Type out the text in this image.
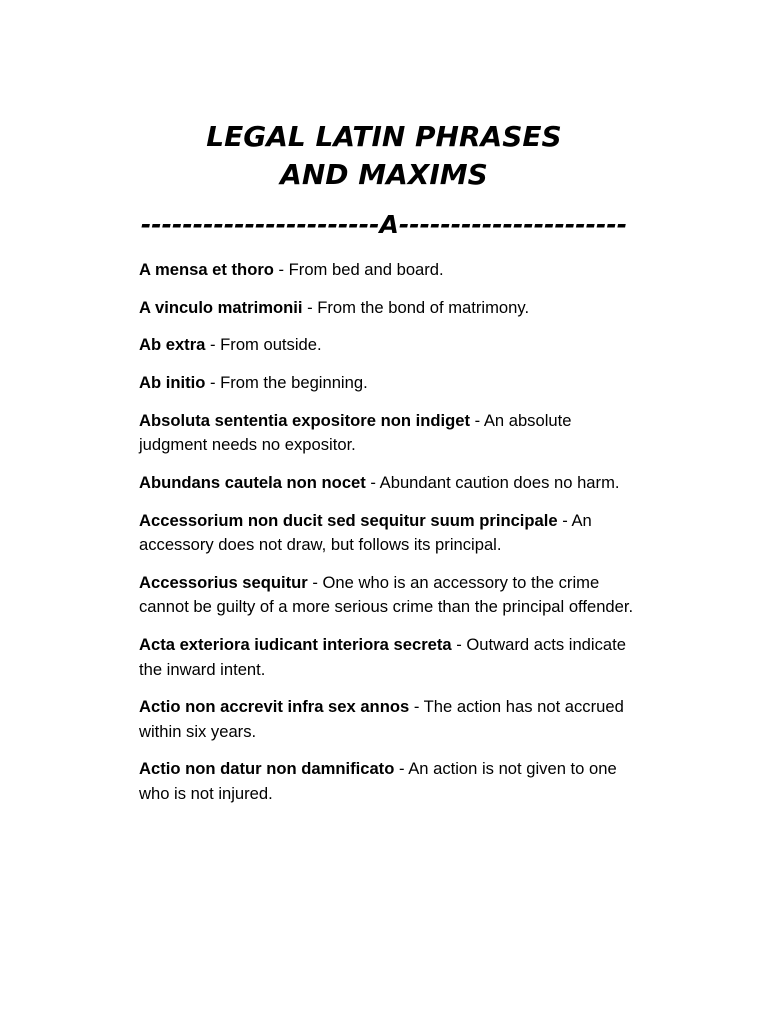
LEGAL LATIN PHRASES
AND MAXIMS
-----------------------A----------------------

A mensa et thoro - From bed and board.

A vinculo matrimonii - From the bond of matrimony.

Ab extra - From outside.

Ab initio - From the beginning.

Absoluta sententia expositore non indiget - An absolute judgment needs no expositor.

Abundans cautela non nocet - Abundant caution does no harm.

Accessorium non ducit sed sequitur suum principale - An accessory does not draw, but follows its principal.

Accessorius sequitur - One who is an accessory to the crime cannot be guilty of a more serious crime than the principal offender.

Acta exteriora iudicant interiora secreta - Outward acts indicate the inward intent.

Actio non accrevit infra sex annos - The action has not accrued within six years.

Actio non datur non damnificato - An action is not given to one who is not injured.
